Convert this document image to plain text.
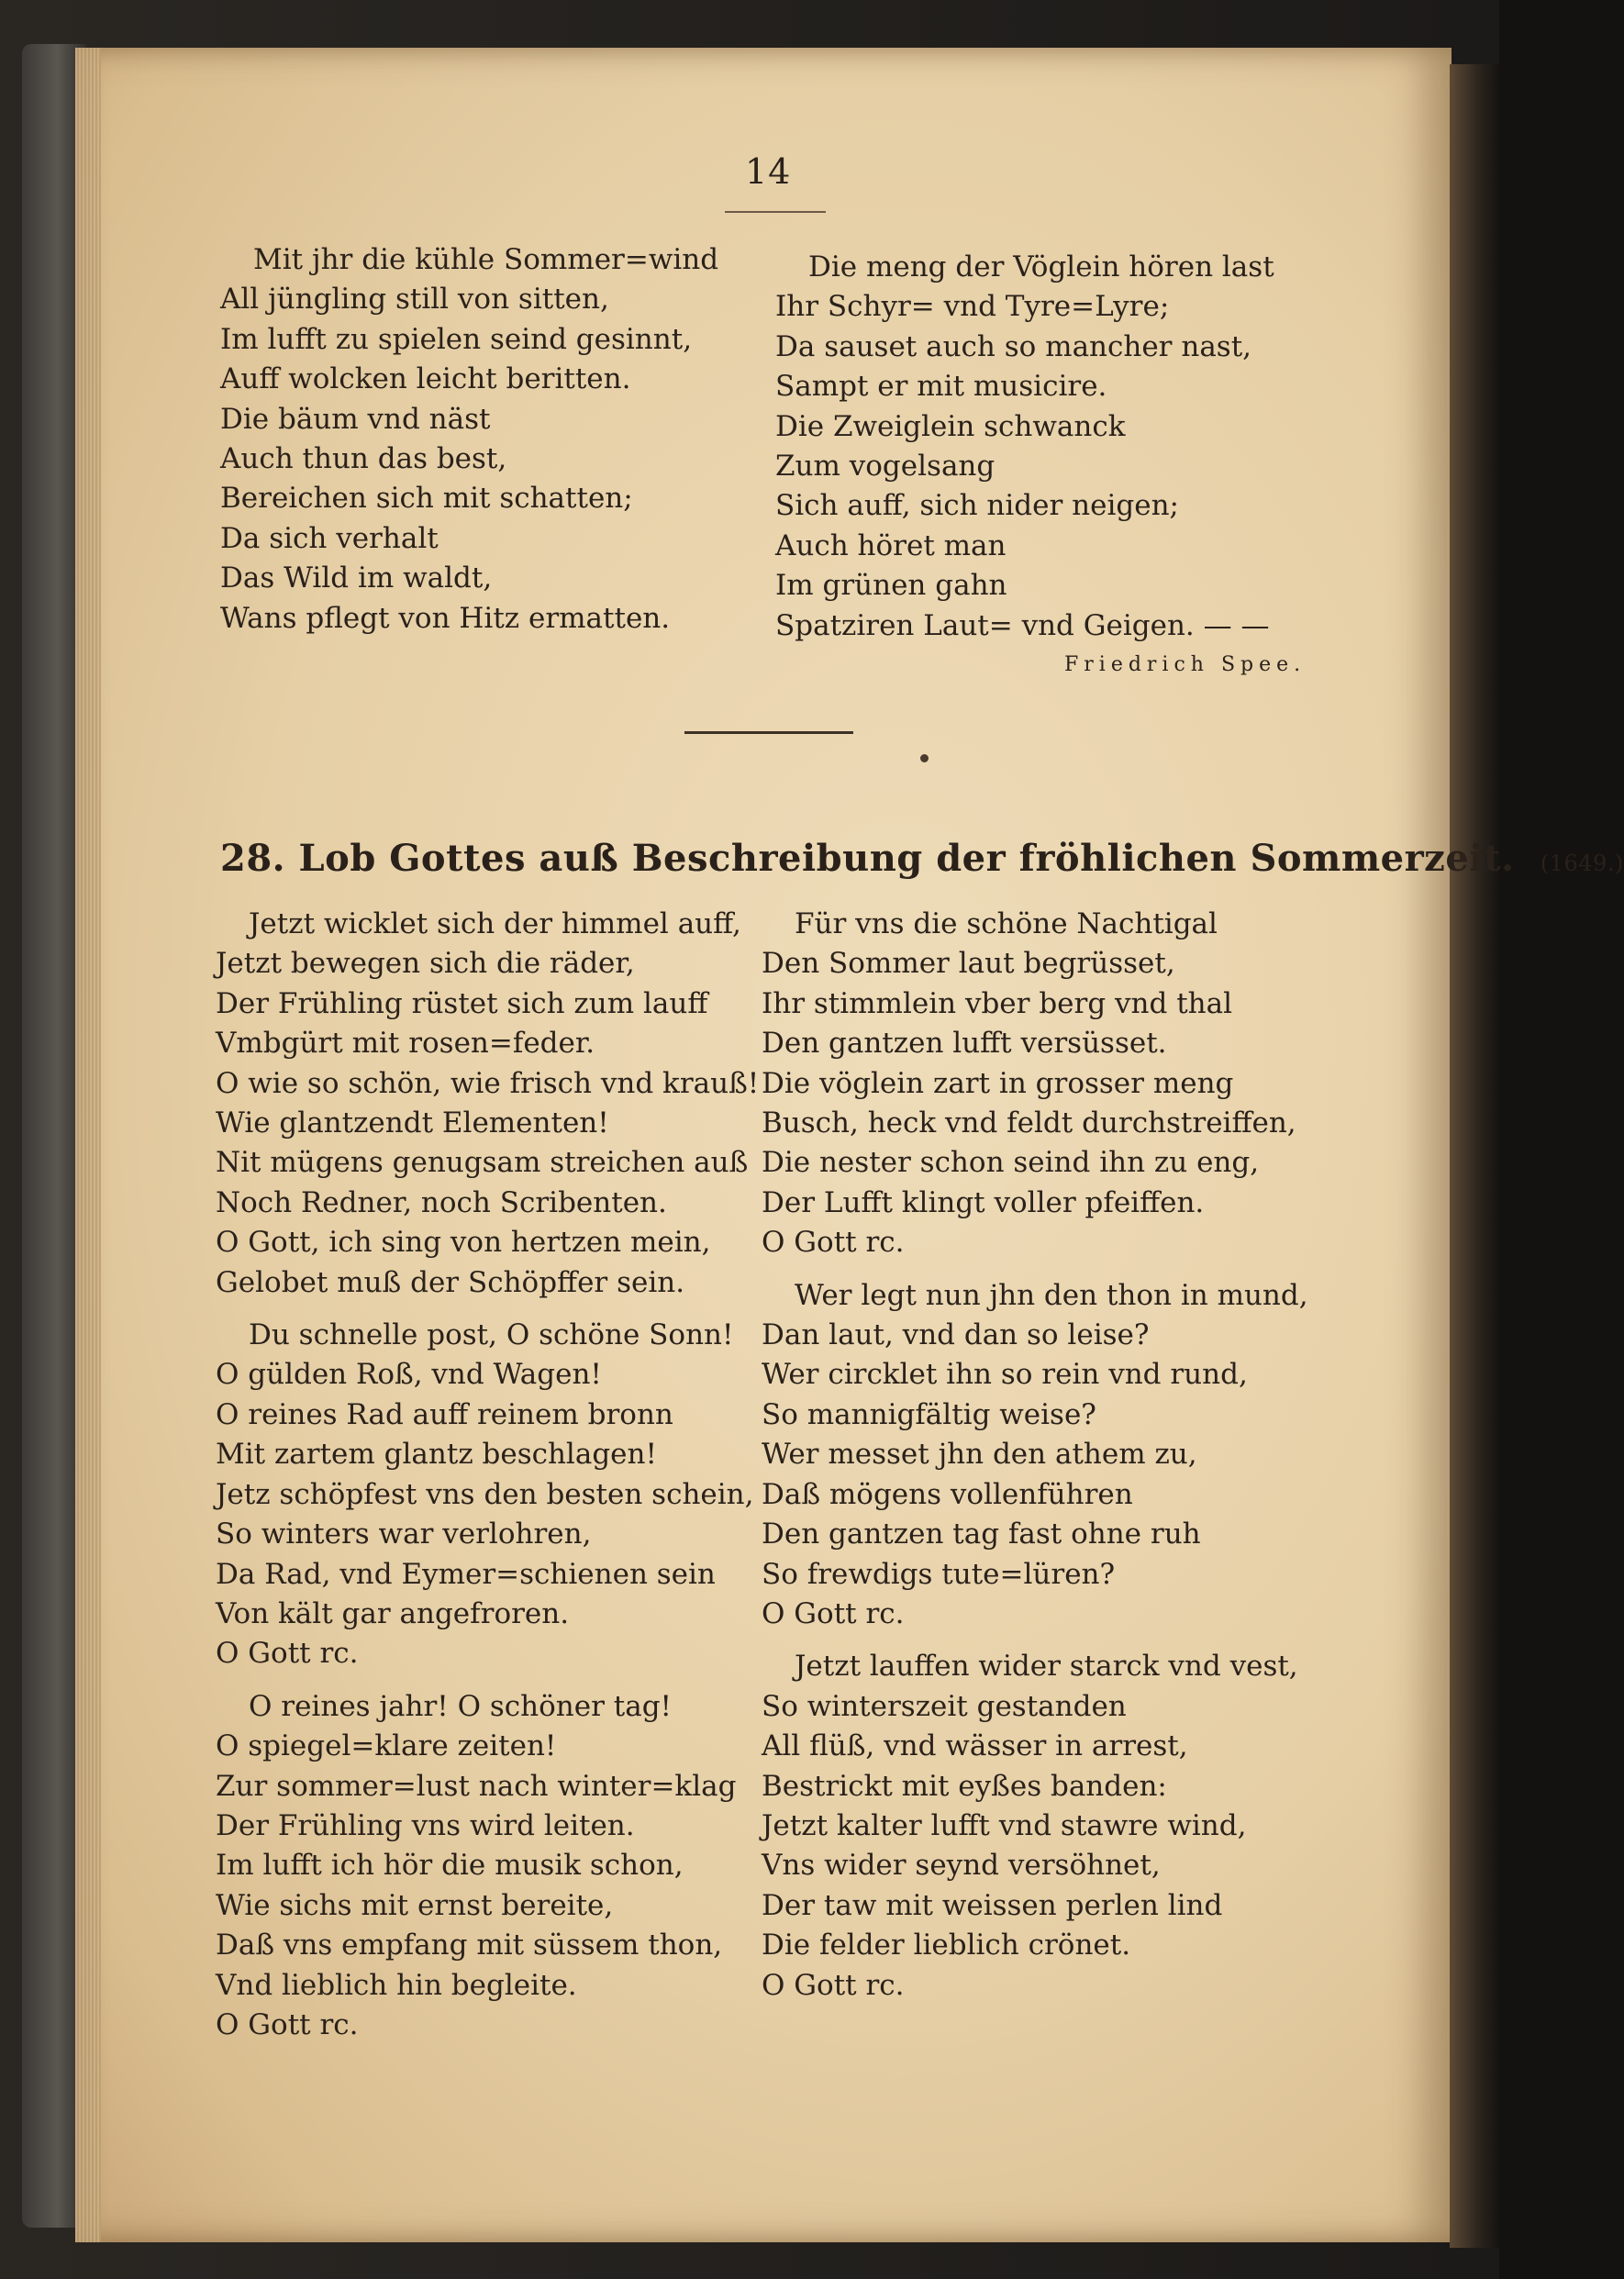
14
Mit jhr die kühle Sommer=wind
All jüngling still von sitten,
Im lufft zu spielen seind gesinnt,
Auff wolcken leicht beritten.
Die bäum vnd näst
Auch thun das best,
Bereichen sich mit schatten;
Da sich verhalt
Das Wild im waldt,
Wans pflegt von Hitz ermatten.
Die meng der Vöglein hören last
Ihr Schyr= vnd Tyre=Lyre;
Da sauset auch so mancher nast,
Sampt er mit musicire.
Die Zweiglein schwanck
Zum vogelsang
Sich auff, sich nider neigen;
Auch höret man
Im grünen gahn
Spatziren Laut= vnd Geigen. — —
Friedrich Spee.
28. Lob Gottes auß Beschreibung der fröhlichen Sommerzeit. (1649.)
Jetzt wicklet sich der himmel auff,
Jetzt bewegen sich die räder,
Der Frühling rüstet sich zum lauff
Vmbgürt mit rosen=feder.
O wie so schön, wie frisch vnd krauß!
Wie glantzendt Elementen!
Nit mügens genugsam streichen auß
Noch Redner, noch Scribenten.
O Gott, ich sing von hertzen mein,
Gelobet muß der Schöpffer sein.
Du schnelle post, O schöne Sonn!
O gülden Roß, vnd Wagen!
O reines Rad auff reinem bronn
Mit zartem glantz beschlagen!
Jetz schöpfest vns den besten schein,
So winters war verlohren,
Da Rad, vnd Eymer=schienen sein
Von kält gar angefroren.
O Gott rc.
O reines jahr! O schöner tag!
O spiegel=klare zeiten!
Zur sommer=lust nach winter=klag
Der Frühling vns wird leiten.
Im lufft ich hör die musik schon,
Wie sichs mit ernst bereite,
Daß vns empfang mit süssem thon,
Vnd lieblich hin begleite.
O Gott rc.
Für vns die schöne Nachtigal
Den Sommer laut begrüsset,
Ihr stimmlein vber berg vnd thal
Den gantzen lufft versüsset.
Die vöglein zart in grosser meng
Busch, heck vnd feldt durchstreiffen,
Die nester schon seind ihn zu eng,
Der Lufft klingt voller pfeiffen.
O Gott rc.
Wer legt nun jhn den thon in mund,
Dan laut, vnd dan so leise?
Wer circklet ihn so rein vnd rund,
So mannigfältig weise?
Wer messet jhn den athem zu,
Daß mögens vollenführen
Den gantzen tag fast ohne ruh
So frewdigs tute=lüren?
O Gott rc.
Jetzt lauffen wider starck vnd vest,
So winterszeit gestanden
All flüß, vnd wässer in arrest,
Bestrickt mit eyßes banden:
Jetzt kalter lufft vnd stawre wind,
Vns wider seynd versöhnet,
Der taw mit weissen perlen lind
Die felder lieblich crönet.
O Gott rc.
